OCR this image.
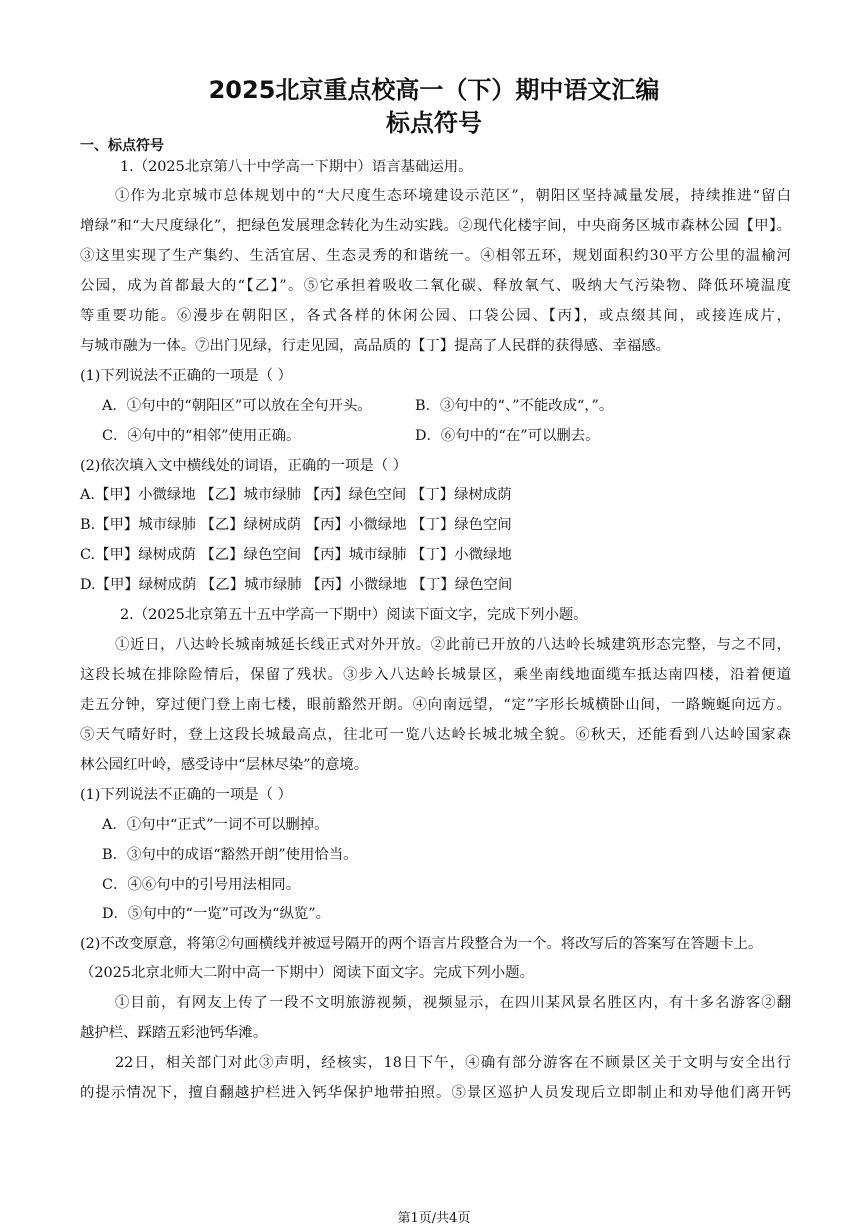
2025北京重点校高一（下）期中语文汇编
标点符号
一、标点符号
1.（2025北京第八十中学高一下期中）语言基础运用。
①作为北京城市总体规划中的“大尺度生态环境建设示范区”，朝阳区坚持减量发展，持续推进“留白
增绿”和“大尺度绿化”，把绿色发展理念转化为生动实践。②现代化楼宇间，中央商务区城市森林公园【甲】。
③这里实现了生产集约、生活宜居、生态灵秀的和谐统一。④相邻五环，规划面积约30平方公里的温榆河
公园，成为首都最大的“【乙】”。⑤它承担着吸收二氧化碳、释放氧气、吸纳大气污染物、降低环境温度
等重要功能。⑥漫步在朝阳区，各式各样的休闲公园、口袋公园、【丙】，或点缀其间，或接连成片，
与城市融为一体。⑦出门见绿，行走见园，高品质的【丁】提高了人民群的获得感、幸福感。
(1)下列说法不正确的一项是（ ）
A．①句中的“朝阳区”可以放在全句开头。	B．③句中的“、”不能改成“，”。
C．④句中的“相邻”使用正确。	D．⑥句中的“在”可以删去。
(2)依次填入文中横线处的词语，正确的一项是（ ）
A.【甲】小微绿地 【乙】城市绿肺 【丙】绿色空间 【丁】绿树成荫
B.【甲】城市绿肺 【乙】绿树成荫 【丙】小微绿地 【丁】绿色空间
C.【甲】绿树成荫 【乙】绿色空间 【丙】城市绿肺 【丁】小微绿地
D.【甲】绿树成荫 【乙】城市绿肺 【丙】小微绿地 【丁】绿色空间
2.（2025北京第五十五中学高一下期中）阅读下面文字，完成下列小题。
①近日，八达岭长城南城延长线正式对外开放。②此前已开放的八达岭长城建筑形态完整，与之不同，
这段长城在排除险情后，保留了残状。③步入八达岭长城景区，乘坐南线地面缆车抵达南四楼，沿着便道
走五分钟，穿过便门登上南七楼，眼前豁然开朗。④向南远望，“定”字形长城横卧山间，一路蜿蜒向远方。
⑤天气晴好时，登上这段长城最高点，往北可一览八达岭长城北城全貌。⑥秋天，还能看到八达岭国家森
林公园红叶岭，感受诗中“层林尽染”的意境。
(1)下列说法不正确的一项是（ ）
A．①句中“正式”一词不可以删掉。
B．③句中的成语“豁然开朗”使用恰当。
C．④⑥句中的引号用法相同。
D．⑤句中的“一览”可改为“纵览”。
(2)不改变原意，将第②句画横线并被逗号隔开的两个语言片段整合为一个。将改写后的答案写在答题卡上。
（2025北京北师大二附中高一下期中）阅读下面文字。完成下列小题。
①目前，有网友上传了一段不文明旅游视频，视频显示，在四川某风景名胜区内，有十多名游客②翻
越护栏、踩踏五彩池钙华滩。
22日，相关部门对此③声明，经核实，18日下午，④确有部分游客在不顾景区关于文明与安全出行
的提示情况下，擅自翻越护栏进入钙华保护地带拍照。⑤景区巡护人员发现后立即制止和劝导他们离开钙
第1页/共4页
